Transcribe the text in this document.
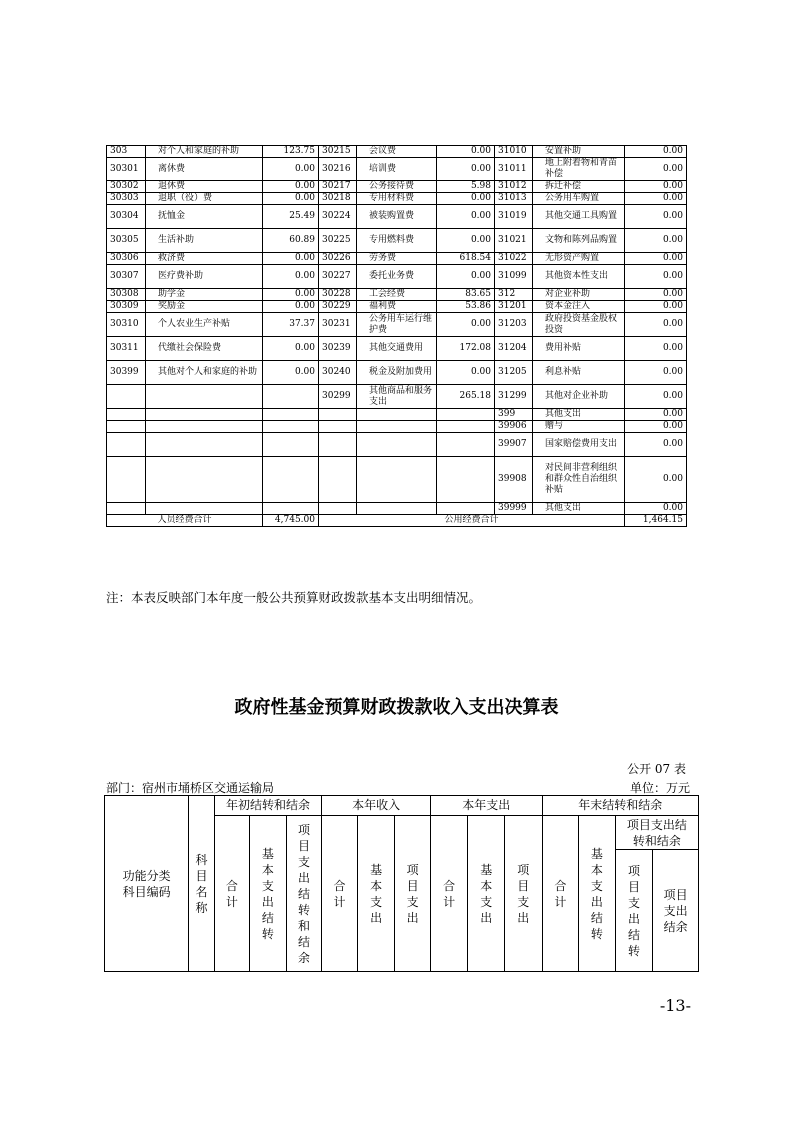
303	对个人和家庭的补助	123.75	30215	会议费	0.00	31010	安置补助	0.00
30301	离休费	0.00	30216	培训费	0.00	31011	地上附着物和青苗补偿	0.00
30302	退休费	0.00	30217	公务接待费	5.98	31012	拆迁补偿	0.00
30303	退职（役）费	0.00	30218	专用材料费	0.00	31013	公务用车购置	0.00
30304	抚恤金	25.49	30224	被装购置费	0.00	31019	其他交通工具购置	0.00
30305	生活补助	60.89	30225	专用燃料费	0.00	31021	文物和陈列品购置	0.00
30306	救济费	0.00	30226	劳务费	618.54	31022	无形资产购置	0.00
30307	医疗费补助	0.00	30227	委托业务费	0.00	31099	其他资本性支出	0.00
30308	助学金	0.00	30228	工会经费	83.65	312	对企业补助	0.00
30309	奖励金	0.00	30229	福利费	53.86	31201	资本金注入	0.00
30310	个人农业生产补贴	37.37	30231	公务用车运行维护费	0.00	31203	政府投资基金股权投资	0.00
30311	代缴社会保险费	0.00	30239	其他交通费用	172.08	31204	费用补贴	0.00
30399	其他对个人和家庭的补助	0.00	30240	税金及附加费用	0.00	31205	利息补贴	0.00
			30299	其他商品和服务支出	265.18	31299	其他对企业补助	0.00
						399	其他支出	0.00
						39906	赠与	0.00
						39907	国家赔偿费用支出	0.00
						39908	对民间非营利组织和群众性自治组织补贴	0.00
						39999	其他支出	0.00
人员经费合计		4,745.00	公用经费合计					1,464.15
注：本表反映部门本年度一般公共预算财政拨款基本支出明细情况。
政府性基金预算财政拨款收入支出决算表
公开 07 表
部门：宿州市埇桥区交通运输局	单位：万元
功能分类科目编码	科目名称	年初结转和结余			本年收入			本年支出			年末结转和结余			
		合计	基本支出结转	项目支出结转和结余	合计	基本支出	项目支出	合计	基本支出	项目支出	合计	基本支出结转	项目支出结转和结余	
													项目支出结转	项目支出结余
-13-
